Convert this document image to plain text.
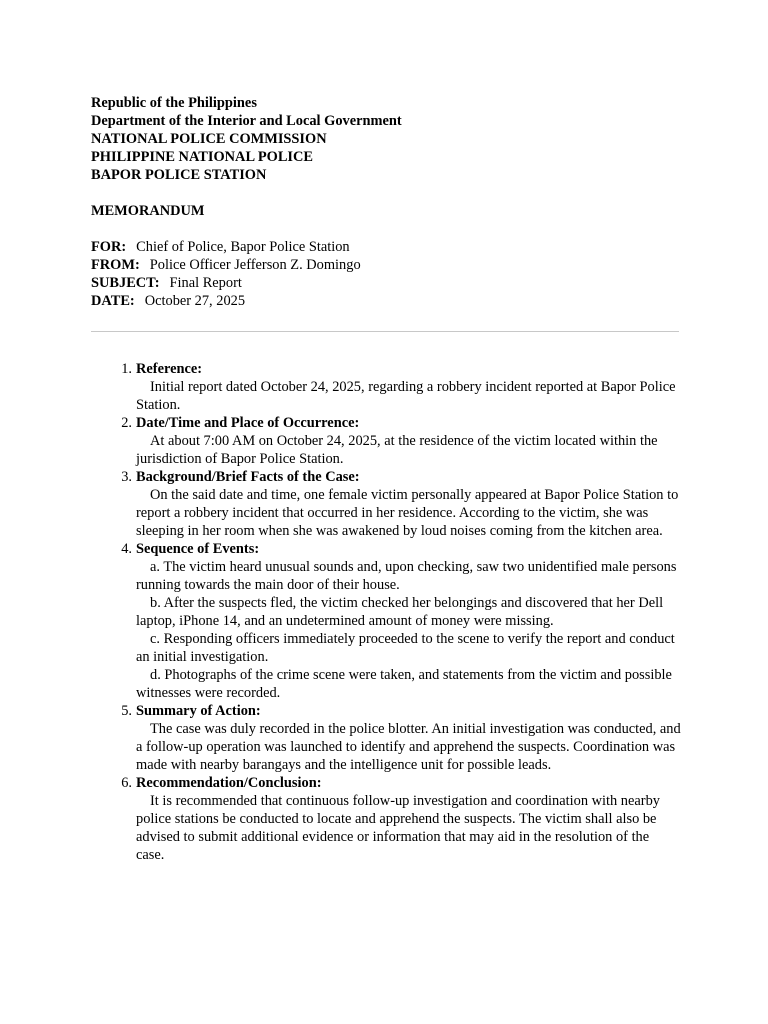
Republic of the Philippines
Department of the Interior and Local Government
NATIONAL POLICE COMMISSION
PHILIPPINE NATIONAL POLICE
BAPOR POLICE STATION
MEMORANDUM
FOR: Chief of Police, Bapor Police Station
FROM: Police Officer Jefferson Z. Domingo
SUBJECT: Final Report
DATE: October 27, 2025
1. Reference:
Initial report dated October 24, 2025, regarding a robbery incident reported at Bapor Police Station.
2. Date/Time and Place of Occurrence:
At about 7:00 AM on October 24, 2025, at the residence of the victim located within the jurisdiction of Bapor Police Station.
3. Background/Brief Facts of the Case:
On the said date and time, one female victim personally appeared at Bapor Police Station to report a robbery incident that occurred in her residence. According to the victim, she was sleeping in her room when she was awakened by loud noises coming from the kitchen area.
4. Sequence of Events:
a. The victim heard unusual sounds and, upon checking, saw two unidentified male persons running towards the main door of their house.
b. After the suspects fled, the victim checked her belongings and discovered that her Dell laptop, iPhone 14, and an undetermined amount of money were missing.
c. Responding officers immediately proceeded to the scene to verify the report and conduct an initial investigation.
d. Photographs of the crime scene were taken, and statements from the victim and possible witnesses were recorded.
5. Summary of Action:
The case was duly recorded in the police blotter. An initial investigation was conducted, and a follow-up operation was launched to identify and apprehend the suspects. Coordination was made with nearby barangays and the intelligence unit for possible leads.
6. Recommendation/Conclusion:
It is recommended that continuous follow-up investigation and coordination with nearby police stations be conducted to locate and apprehend the suspects. The victim shall also be advised to submit additional evidence or information that may aid in the resolution of the case.
